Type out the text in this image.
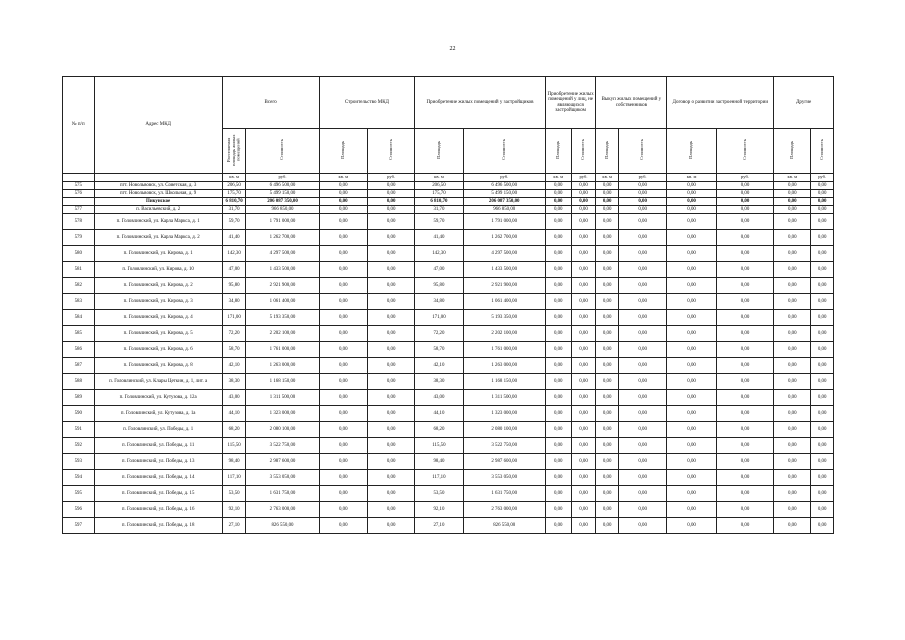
22
№ п/п	Адрес МКД	Всего		Строительство МКД		Приобретение жилых помещений у застройщиков		Приобретение жилых помещений у лиц, не являющихся застройщиком		Выкуп жилых помещений у собственников		Договор о развитии застроенной территории		Другие	
		Расселяемая площадь жилых помещений	Стоимость	Площадь	Стоимость	Площадь	Стоимость	Площадь	Стоимость	Площадь	Стоимость	Площадь	Стоимость	Площадь	Стоимость
		кв. м	руб.	кв. м	руб.	кв. м	руб.	кв. м	руб.	кв. м	руб.	кв. м	руб.	кв. м	руб.
575	пгт. Новольвовск, ул. Советская, д. 3	206,50	6 496 500,00	0,00	0,00	206,50	6 496 500,00	0,00	0,00	0,00	0,00	0,00	0,00	0,00	0,00
576	пгт. Новольвовск, ул. Школьная, д. 9	175,70	5 499 150,00	0,00	0,00	175,70	5 499 150,00	0,00	0,00	0,00	0,00	0,00	0,00	0,00	0,00
	Пикунское	6 810,70	206 087 350,00	0,00	0,00	6 810,70	206 087 350,00	0,00	0,00	0,00	0,00	0,00	0,00	0,00	0,00
577	п. Васильевский, д. 2	31,70	966 850,00	0,00	0,00	31,70	966 850,00	0,00	0,00	0,00	0,00	0,00	0,00	0,00	0,00
578	п. Головлинский, ул. Карла Маркса, д. 1	59,70	1 791 000,00	0,00	0,00	59,70	1 791 000,00	0,00	0,00	0,00	0,00	0,00	0,00	0,00	0,00
579	п. Головлинский, ул. Карла Маркса, д. 2	41,40	1 262 700,00	0,00	0,00	41,40	1 262 700,00	0,00	0,00	0,00	0,00	0,00	0,00	0,00	0,00
580	п. Головлинский, ул. Кирова, д. 1	142,30	4 297 500,00	0,00	0,00	142,30	4 297 500,00	0,00	0,00	0,00	0,00	0,00	0,00	0,00	0,00
581	п. Головлинский, ул. Кирова, д. 10	47,00	1 433 500,00	0,00	0,00	47,00	1 433 500,00	0,00	0,00	0,00	0,00	0,00	0,00	0,00	0,00
582	п. Головлинский, ул. Кирова, д. 2	95,80	2 921 900,00	0,00	0,00	95,80	2 921 900,00	0,00	0,00	0,00	0,00	0,00	0,00	0,00	0,00
583	п. Головлинский, ул. Кирова, д. 3	34,80	1 061 400,00	0,00	0,00	34,80	1 061 400,00	0,00	0,00	0,00	0,00	0,00	0,00	0,00	0,00
584	п. Головлинский, ул. Кирова, д. 4	171,00	5 193 350,00	0,00	0,00	171,00	5 193 350,00	0,00	0,00	0,00	0,00	0,00	0,00	0,00	0,00
585	п. Головлинский, ул. Кирова, д. 5	72,20	2 202 100,00	0,00	0,00	72,20	2 202 100,00	0,00	0,00	0,00	0,00	0,00	0,00	0,00	0,00
586	п. Головлинский, ул. Кирова, д. 6	58,70	1 761 000,00	0,00	0,00	58,70	1 761 000,00	0,00	0,00	0,00	0,00	0,00	0,00	0,00	0,00
587	п. Головлинский, ул. Кирова, д. 8	42,10	1 263 000,00	0,00	0,00	42,10	1 263 000,00	0,00	0,00	0,00	0,00	0,00	0,00	0,00	0,00
588	п. Головлинский, ул. Клары Цеткин, д. 1, лит. а	38,30	1 168 150,00	0,00	0,00	38,30	1 168 150,00	0,00	0,00	0,00	0,00	0,00	0,00	0,00	0,00
589	п. Головлинский, ул. Кутузова, д. 12а	43,00	1 311 500,00	0,00	0,00	43,00	1 311 500,00	0,00	0,00	0,00	0,00	0,00	0,00	0,00	0,00
590	п. Головлинский, ул. Кутузова, д. 1а	44,10	1 323 000,00	0,00	0,00	44,10	1 323 000,00	0,00	0,00	0,00	0,00	0,00	0,00	0,00	0,00
591	п. Головлинский, ул. Победы, д. 1	68,20	2 080 100,00	0,00	0,00	68,20	2 080 100,00	0,00	0,00	0,00	0,00	0,00	0,00	0,00	0,00
592	п. Головлинский, ул. Победы, д. 11	115,50	3 522 750,00	0,00	0,00	115,50	3 522 750,00	0,00	0,00	0,00	0,00	0,00	0,00	0,00	0,00
593	п. Головлинский, ул. Победы, д. 13	98,40	2 987 600,00	0,00	0,00	98,40	2 987 600,00	0,00	0,00	0,00	0,00	0,00	0,00	0,00	0,00
594	п. Головлинский, ул. Победы, д. 14	117,10	3 553 050,00	0,00	0,00	117,10	3 553 050,00	0,00	0,00	0,00	0,00	0,00	0,00	0,00	0,00
595	п. Головлинский, ул. Победы, д. 15	53,50	1 631 750,00	0,00	0,00	53,50	1 631 750,00	0,00	0,00	0,00	0,00	0,00	0,00	0,00	0,00
596	п. Головлинский, ул. Победы, д. 16	92,10	2 763 000,00	0,00	0,00	92,10	2 763 000,00	0,00	0,00	0,00	0,00	0,00	0,00	0,00	0,00
597	п. Головлинский, ул. Победы, д. 18	27,10	826 550,00	0,00	0,00	27,10	826 550,00	0,00	0,00	0,00	0,00	0,00	0,00	0,00	0,00
